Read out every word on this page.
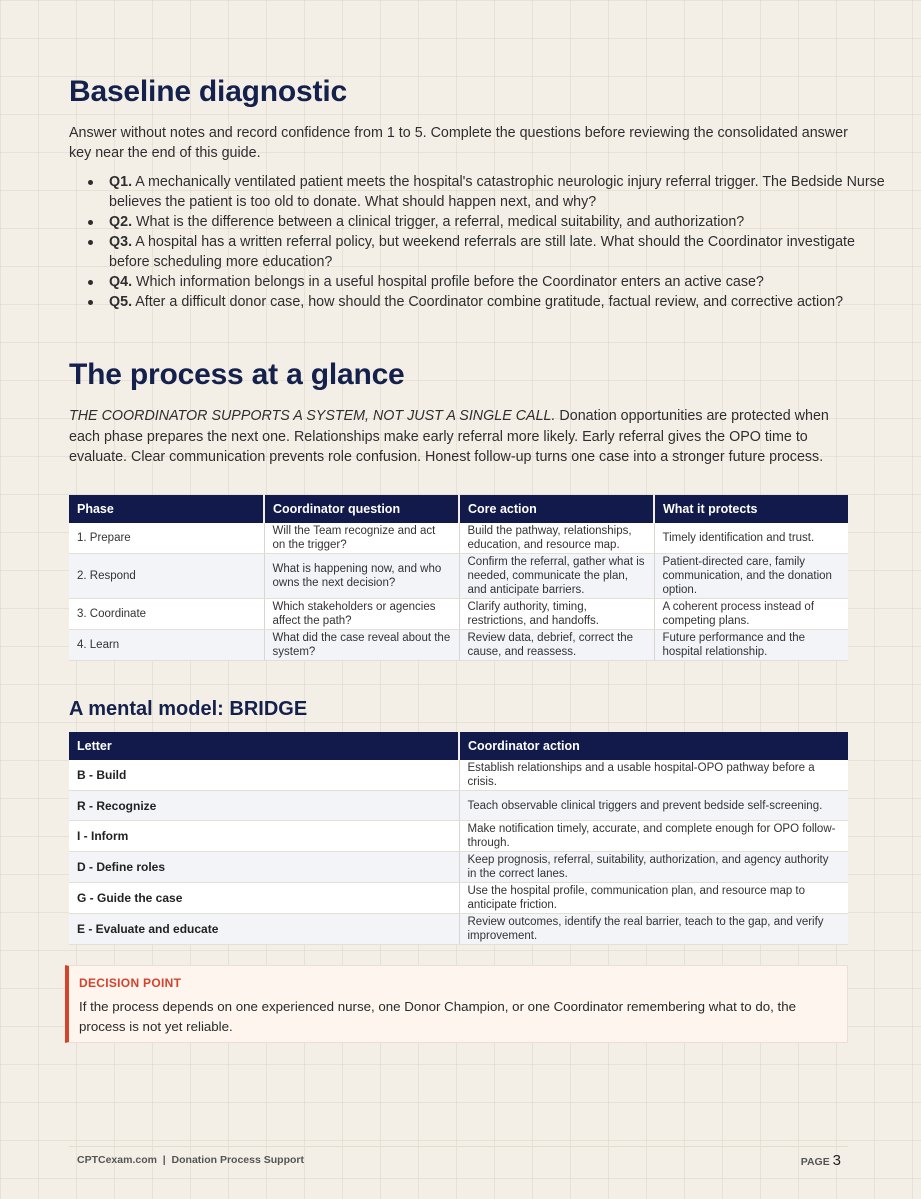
Baseline diagnostic

Answer without notes and record confidence from 1 to 5. Complete the questions before reviewing the consolidated answer key near the end of this guide.

Q1. A mechanically ventilated patient meets the hospital's catastrophic neurologic injury referral trigger. The Bedside Nurse believes the patient is too old to donate. What should happen next, and why?
Q2. What is the difference between a clinical trigger, a referral, medical suitability, and authorization?
Q3. A hospital has a written referral policy, but weekend referrals are still late. What should the Coordinator investigate before scheduling more education?
Q4. Which information belongs in a useful hospital profile before the Coordinator enters an active case?
Q5. After a difficult donor case, how should the Coordinator combine gratitude, factual review, and corrective action?
The process at a glance

THE COORDINATOR SUPPORTS A SYSTEM, NOT JUST A SINGLE CALL. Donation opportunities are protected when each phase prepares the next one. Relationships make early referral more likely. Early referral gives the OPO time to evaluate. Clear communication prevents role confusion. Honest follow-up turns one case into a stronger future process.

Phase	Coordinator question	Core action	What it protects
1. Prepare	Will the Team recognize and act on the trigger?	Build the pathway, relationships, education, and resource map.	Timely identification and trust.
2. Respond	What is happening now, and who owns the next decision?	Confirm the referral, gather what is needed, communicate the plan, and anticipate barriers.	Patient-directed care, family communication, and the donation option.
3. Coordinate	Which stakeholders or agencies affect the path?	Clarify authority, timing, restrictions, and handoffs.	A coherent process instead of competing plans.
4. Learn	What did the case reveal about the system?	Review data, debrief, correct the cause, and reassess.	Future performance and the hospital relationship.
A mental model: BRIDGE
Letter	Coordinator action
B - Build	Establish relationships and a usable hospital-OPO pathway before a crisis.
R - Recognize	Teach observable clinical triggers and prevent bedside self-screening.
I - Inform	Make notification timely, accurate, and complete enough for OPO follow-through.
D - Define roles	Keep prognosis, referral, suitability, authorization, and agency authority in the correct lanes.
G - Guide the case	Use the hospital profile, communication plan, and resource map to anticipate friction.
E - Evaluate and educate	Review outcomes, identify the real barrier, teach to the gap, and verify improvement.
DECISION POINT
If the process depends on one experienced nurse, one Donor Champion, or one Coordinator remembering what to do, the process is not yet reliable.
CPTCexam.com  |  Donation Process Support	PAGE 3
